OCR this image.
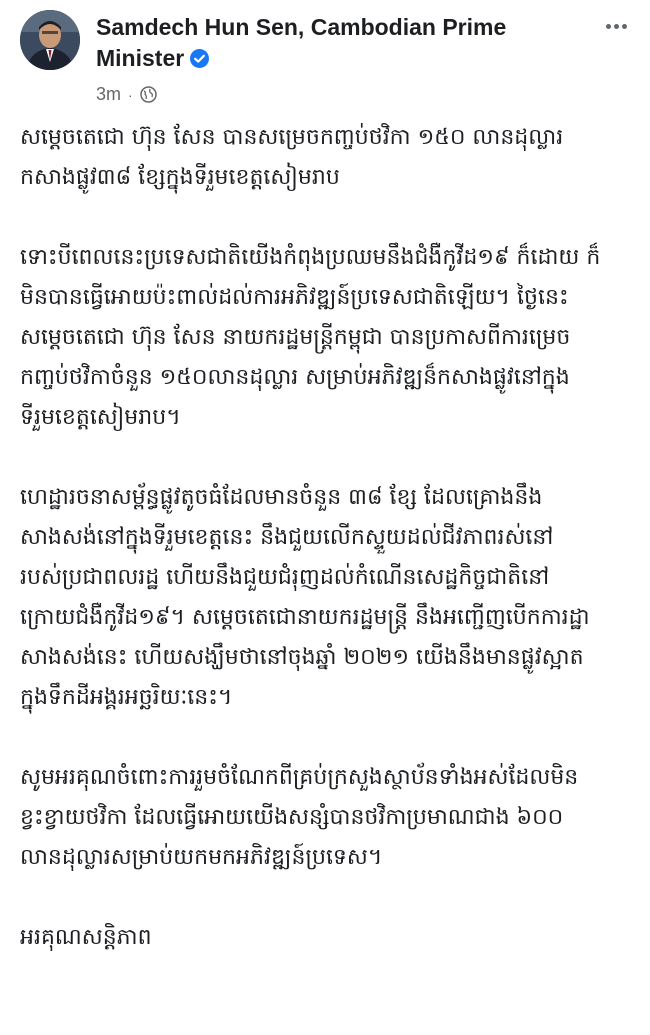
Samdech Hun Sen, Cambodian Prime Minister
3m ·

សម្តេចតេជោ ហ៊ុន សែន បានសម្រេចកញ្ចប់ថវិកា ១៥០ លានដុល្លារ
កសាងផ្លូវ៣៨ ខ្សែក្នុងទីរួមខេត្តសៀមរាប

ទោះបីពេលនេះប្រទេសជាតិយើងកំពុងប្រឈមនឹងជំងឺកូវីដ១៩ ក៏ដោយ ក៏
មិនបានធ្វើអោយប៉ះពាល់ដល់ការអភិវឌ្ឍន៍ប្រទេសជាតិឡើយ។ ថ្ងៃនេះ
សម្តេចតេជោ ហ៊ុន សែន នាយករដ្ឋមន្ត្រីកម្ពុជា បានប្រកាសពីការម្រេច
កញ្ចប់ថវិកាចំនួន ១៥០លានដុល្លារ សម្រាប់អភិវឌ្ឍន៏កសាងផ្លូវនៅក្នុង
ទីរួមខេត្តសៀមរាប។

ហេដ្ឋារចនាសម្ព័ន្ធផ្លូវតូចធំដែលមានចំនួន ៣៨ ខ្សែ ដែលគ្រោងនឹង
សាងសង់នៅក្នុងទីរួមខេត្តនេះ នឹងជួយលើកស្ទួយដល់ជីវភាពរស់នៅ
របស់ប្រជាពលរដ្ឋ ហើយនឹងជួយជំរុញដល់កំណើនសេដ្ឋកិច្ចជាតិនៅ
ក្រោយជំងឺកូវីដ១៩។ សម្តេចតេជោនាយករដ្ឋមន្ត្រី នឹងអញ្ជើញបើកការដ្ឋា
សាងសង់នេះ ហើយសង្ឃឹមថានៅចុងឆ្នាំ ២០២១ យើងនឹងមានផ្លូវស្អាត
ក្នុងទឹកដីអង្គរអច្ឆរិយៈនេះ។

សូមអរគុណចំពោះការរួមចំណែកពីគ្រប់ក្រសួងស្ថាប័នទាំងអស់ដែលមិន
ខ្វះខ្វាយថវិកា ដែលធ្វើអោយយើងសន្សំបានថវិកាប្រមាណជាង ៦០០
លានដុល្លារសម្រាប់យកមកអភិវឌ្ឍន៍ប្រទេស។

អរគុណសន្តិភាព
